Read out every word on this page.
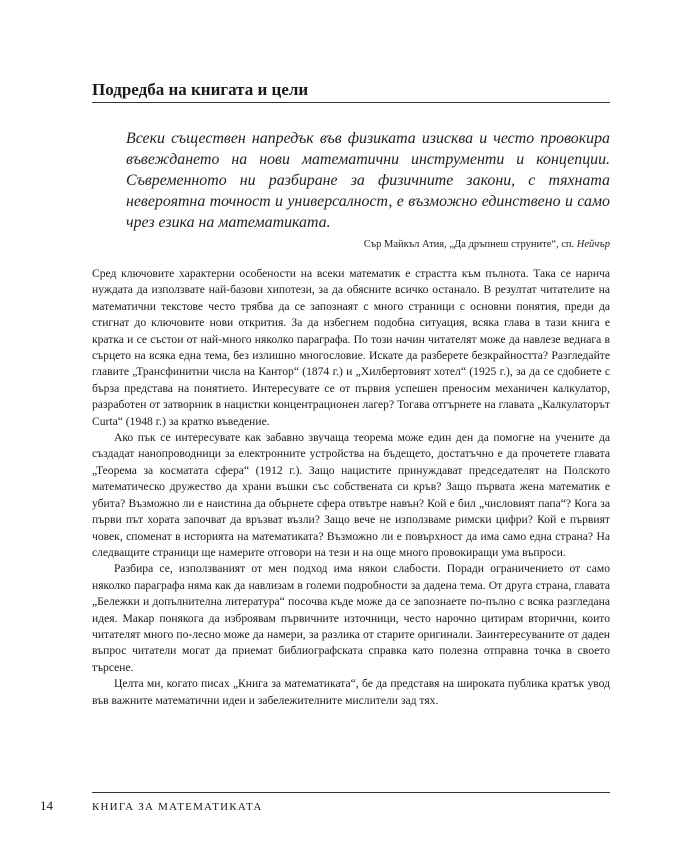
Подредба на книгата и цели
Всеки съществен напредък във физиката изисква и често провокира въвеждането на нови математични инструменти и концепции. Съвременното ни разбиране за физичните закони, с тяхната невероятна точност и универсалност, е възможно единствено и само чрез езика на математиката.
Сър Майкъл Атия, „Да дръпнеш струните“, сп. Нейчър

Сред ключовите характерни особености на всеки математик е страстта към пълнота. Така се нарича нуждата да използвате най-базови хипотези, за да обясните всичко останало. В резултат читателите на математични текстове често трябва да се запознаят с много страници с основни понятия, преди да стигнат до ключовите нови открития. За да избегнем подобна ситуация, всяка глава в тази книга е кратка и се състои от най-много няколко параграфа. По този начин читателят може да навлезе веднага в сърцето на всяка една тема, без излишно многословие. Искате да разберете безкрайността? Разгледайте главите „Трансфинитни числа на Кантор“ (1874 г.) и „Хилбертовият хотел“ (1925 г.), за да се сдобиете с бърза представа на понятието. Интересувате се от първия успешен преносим механичен калкулатор, разработен от затворник в нацистки концентрационен лагер? Тогава отгърнете на главата „Калкулаторът Curta“ (1948 г.) за кратко въведение.

Ако пък се интересувате как забавно звучаща теорема може един ден да помогне на учените да създадат нанопроводници за електронните устройства на бъдещето, достатъчно е да прочетете главата „Теорема за косматата сфера“ (1912 г.). Защо нацистите принуждават председателят на Полското математическо дружество да храни въшки със собствената си кръв? Защо първата жена математик е убита? Възможно ли е наистина да обърнете сфера отвътре навън? Кой е бил „числовият папа“? Кога за първи път хората започват да връзват възли? Защо вече не използваме римски цифри? Кой е първият човек, споменат в историята на математиката? Възможно ли е повърхност да има само една страна? На следващите страници ще намерите отговори на тези и на още много провокиращи ума въпроси.

Разбира се, използваният от мен подход има някои слабости. Поради ограничението от само няколко параграфа няма как да навлизам в големи подробности за дадена тема. От друга страна, главата „Бележки и допълнителна литература“ посочва къде може да се запознаете по-пълно с всяка разгледана идея. Макар понякога да изброявам първичните източници, често нарочно цитирам вторични, които читателят много по-лесно може да намери, за разлика от старите оригинали. Заинтересуваните от даден въпрос читатели могат да приемат библиографската справка като полезна отправна точка в своето търсене.

Целта ми, когато писах „Книга за математиката“, бе да представя на широката публика кратък увод във важните математични идеи и забележителните мислители зад тях.

14	КНИГА ЗА МАТЕМАТИКАТА
